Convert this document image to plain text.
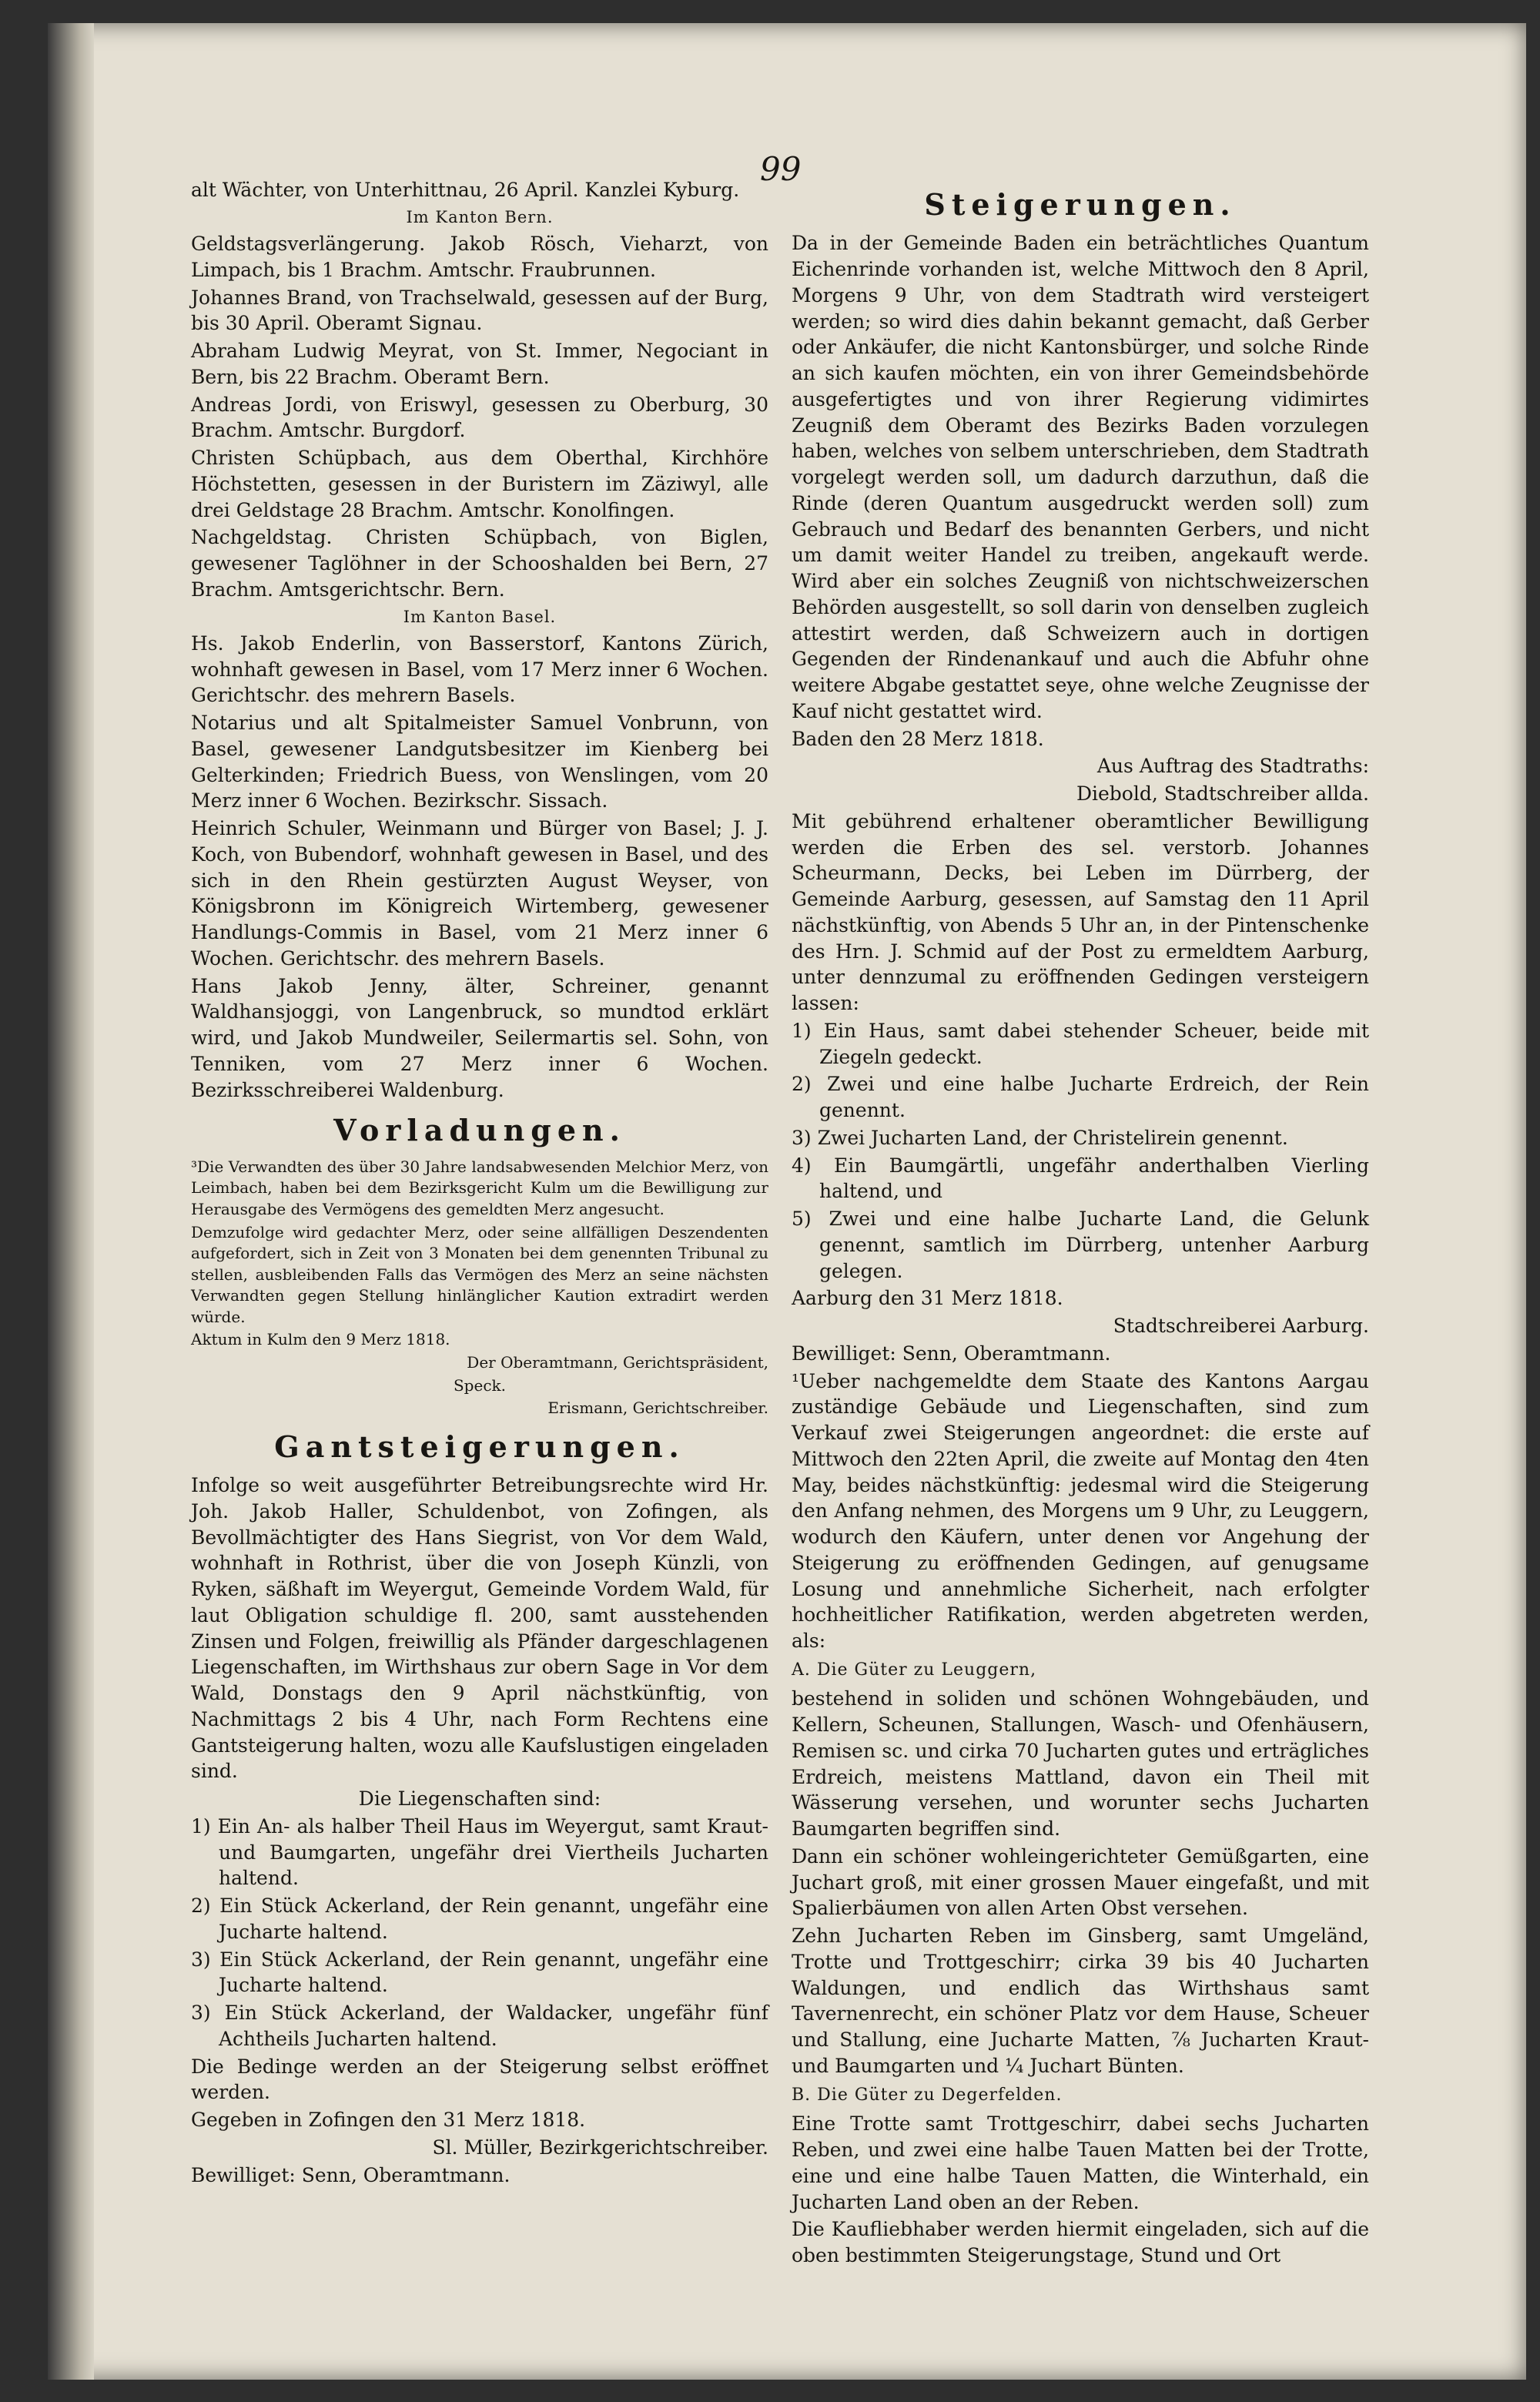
99

alt Wächter, von Unterhittnau, 26 April. Kanzlei Kyburg.

Im Kanton Bern.

Geldstagsverlängerung. Jakob Rösch, Vieharzt, von Limpach, bis 1 Brachm. Amtschr. Fraubrunnen.

Johannes Brand, von Trachselwald, gesessen auf der Burg, bis 30 April. Oberamt Signau.

Abraham Ludwig Meyrat, von St. Immer, Negociant in Bern, bis 22 Brachm. Oberamt Bern.

Andreas Jordi, von Eriswyl, gesessen zu Oberburg, 30 Brachm. Amtschr. Burgdorf.

Christen Schüpbach, aus dem Oberthal, Kirchhöre Höchstetten, gesessen in der Buristern im Zäziwyl, alle drei Geldstage 28 Brachm. Amtschr. Konolfingen.

Nachgeldstag. Christen Schüpbach, von Biglen, gewesener Taglöhner in der Schooshalden bei Bern, 27 Brachm. Amtsgerichtschr. Bern.

Im Kanton Basel.

Hs. Jakob Enderlin, von Basserstorf, Kantons Zürich, wohnhaft gewesen in Basel, vom 17 Merz inner 6 Wochen. Gerichtschr. des mehrern Basels.

Notarius und alt Spitalmeister Samuel Vonbrunn, von Basel, gewesener Landgutsbesitzer im Kienberg bei Gelterkinden; Friedrich Buess, von Wenslingen, vom 20 Merz inner 6 Wochen. Bezirkschr. Sissach.

Heinrich Schuler, Weinmann und Bürger von Basel; J. J. Koch, von Bubendorf, wohnhaft gewesen in Basel, und des sich in den Rhein gestürzten August Weyser, von Königsbronn im Königreich Wirtemberg, gewesener Handlungs-Commis in Basel, vom 21 Merz inner 6 Wochen. Gerichtschr. des mehrern Basels.

Hans Jakob Jenny, älter, Schreiner, genannt Waldhansjoggi, von Langenbruck, so mundtod erklärt wird, und Jakob Mundweiler, Seilermartis sel. Sohn, von Tenniken, vom 27 Merz inner 6 Wochen. Bezirksschreiberei Waldenburg.

Vorladungen.

³Die Verwandten des über 30 Jahre landsabwesenden Melchior Merz, von Leimbach, haben bei dem Bezirksgericht Kulm um die Bewilligung zur Herausgabe des Vermögens des gemeldten Merz angesucht.

Demzufolge wird gedachter Merz, oder seine allfälligen Deszendenten aufgefordert, sich in Zeit von 3 Monaten bei dem genennten Tribunal zu stellen, ausbleibenden Falls das Vermögen des Merz an seine nächsten Verwandten gegen Stellung hinlänglicher Kaution extradirt werden würde.

Aktum in Kulm den 9 Merz 1818.

Der Oberamtmann, Gerichtspräsident,

Speck.

Erismann, Gerichtschreiber.

Gantsteigerungen.

Infolge so weit ausgeführter Betreibungsrechte wird Hr. Joh. Jakob Haller, Schuldenbot, von Zofingen, als Bevollmächtigter des Hans Siegrist, von Vor dem Wald, wohnhaft in Rothrist, über die von Joseph Künzli, von Ryken, säßhaft im Weyergut, Gemeinde Vordem Wald, für laut Obligation schuldige fl. 200, samt ausstehenden Zinsen und Folgen, freiwillig als Pfänder dargeschlagenen Liegenschaften, im Wirthshaus zur obern Sage in Vor dem Wald, Donstags den 9 April nächstkünftig, von Nachmittags 2 bis 4 Uhr, nach Form Rechtens eine Gantsteigerung halten, wozu alle Kaufslustigen eingeladen sind.

Die Liegenschaften sind:

1) Ein An- als halber Theil Haus im Weyergut, samt Kraut- und Baumgarten, ungefähr drei Viertheils Jucharten haltend.

2) Ein Stück Ackerland, der Rein genannt, ungefähr eine Jucharte haltend.

3) Ein Stück Ackerland, der Rein genannt, ungefähr eine Jucharte haltend.

3) Ein Stück Ackerland, der Waldacker, ungefähr fünf Achtheils Jucharten haltend.

Die Bedinge werden an der Steigerung selbst eröffnet werden.

Gegeben in Zofingen den 31 Merz 1818.

Sl. Müller, Bezirkgerichtschreiber.

Bewilliget: Senn, Oberamtmann.

Steigerungen.

Da in der Gemeinde Baden ein beträchtliches Quantum Eichenrinde vorhanden ist, welche Mittwoch den 8 April, Morgens 9 Uhr, von dem Stadtrath wird versteigert werden; so wird dies dahin bekannt gemacht, daß Gerber oder Ankäufer, die nicht Kantonsbürger, und solche Rinde an sich kaufen möchten, ein von ihrer Gemeindsbehörde ausgefertigtes und von ihrer Regierung vidimirtes Zeugniß dem Oberamt des Bezirks Baden vorzulegen haben, welches von selbem unterschrieben, dem Stadtrath vorgelegt werden soll, um dadurch darzuthun, daß die Rinde (deren Quantum ausgedruckt werden soll) zum Gebrauch und Bedarf des benannten Gerbers, und nicht um damit weiter Handel zu treiben, angekauft werde. Wird aber ein solches Zeugniß von nichtschweizerschen Behörden ausgestellt, so soll darin von denselben zugleich attestirt werden, daß Schweizern auch in dortigen Gegenden der Rindenankauf und auch die Abfuhr ohne weitere Abgabe gestattet seye, ohne welche Zeugnisse der Kauf nicht gestattet wird.

Baden den 28 Merz 1818.

Aus Auftrag des Stadtraths:

Diebold, Stadtschreiber allda.

Mit gebührend erhaltener oberamtlicher Bewilligung werden die Erben des sel. verstorb. Johannes Scheurmann, Decks, bei Leben im Dürrberg, der Gemeinde Aarburg, gesessen, auf Samstag den 11 April nächstkünftig, von Abends 5 Uhr an, in der Pintenschenke des Hrn. J. Schmid auf der Post zu ermeldtem Aarburg, unter dennzumal zu eröffnenden Gedingen versteigern lassen:

1) Ein Haus, samt dabei stehender Scheuer, beide mit Ziegeln gedeckt.

2) Zwei und eine halbe Jucharte Erdreich, der Rein genennt.

3) Zwei Jucharten Land, der Christelirein genennt.

4) Ein Baumgärtli, ungefähr anderthalben Vierling haltend, und

5) Zwei und eine halbe Jucharte Land, die Gelunk genennt, samtlich im Dürrberg, untenher Aarburg gelegen.

Aarburg den 31 Merz 1818.

Stadtschreiberei Aarburg.

Bewilliget: Senn, Oberamtmann.

¹Ueber nachgemeldte dem Staate des Kantons Aargau zuständige Gebäude und Liegenschaften, sind zum Verkauf zwei Steigerungen angeordnet: die erste auf Mittwoch den 22ten April, die zweite auf Montag den 4ten May, beides nächstkünftig: jedesmal wird die Steigerung den Anfang nehmen, des Morgens um 9 Uhr, zu Leuggern, wodurch den Käufern, unter denen vor Angehung der Steigerung zu eröffnenden Gedingen, auf genugsame Losung und annehmliche Sicherheit, nach erfolgter hochheitlicher Ratifikation, werden abgetreten werden, als:

A. Die Güter zu Leuggern,

bestehend in soliden und schönen Wohngebäuden, und Kellern, Scheunen, Stallungen, Wasch- und Ofenhäusern, Remisen sc. und cirka 70 Jucharten gutes und erträgliches Erdreich, meistens Mattland, davon ein Theil mit Wässerung versehen, und worunter sechs Jucharten Baumgarten begriffen sind.

Dann ein schöner wohleingerichteter Gemüßgarten, eine Juchart groß, mit einer grossen Mauer eingefaßt, und mit Spalierbäumen von allen Arten Obst versehen.

Zehn Jucharten Reben im Ginsberg, samt Umgeländ, Trotte und Trottgeschirr; cirka 39 bis 40 Jucharten Waldungen, und endlich das Wirthshaus samt Tavernenrecht, ein schöner Platz vor dem Hause, Scheuer und Stallung, eine Jucharte Matten, ⅞ Jucharten Kraut- und Baumgarten und ¼ Juchart Bünten.

B. Die Güter zu Degerfelden.

Eine Trotte samt Trottgeschirr, dabei sechs Jucharten Reben, und zwei eine halbe Tauen Matten bei der Trotte, eine und eine halbe Tauen Matten, die Winterhald, ein Jucharten Land oben an der Reben.

Die Kaufliebhaber werden hiermit eingeladen, sich auf die oben bestimmten Steigerungstage, Stund und Ort
